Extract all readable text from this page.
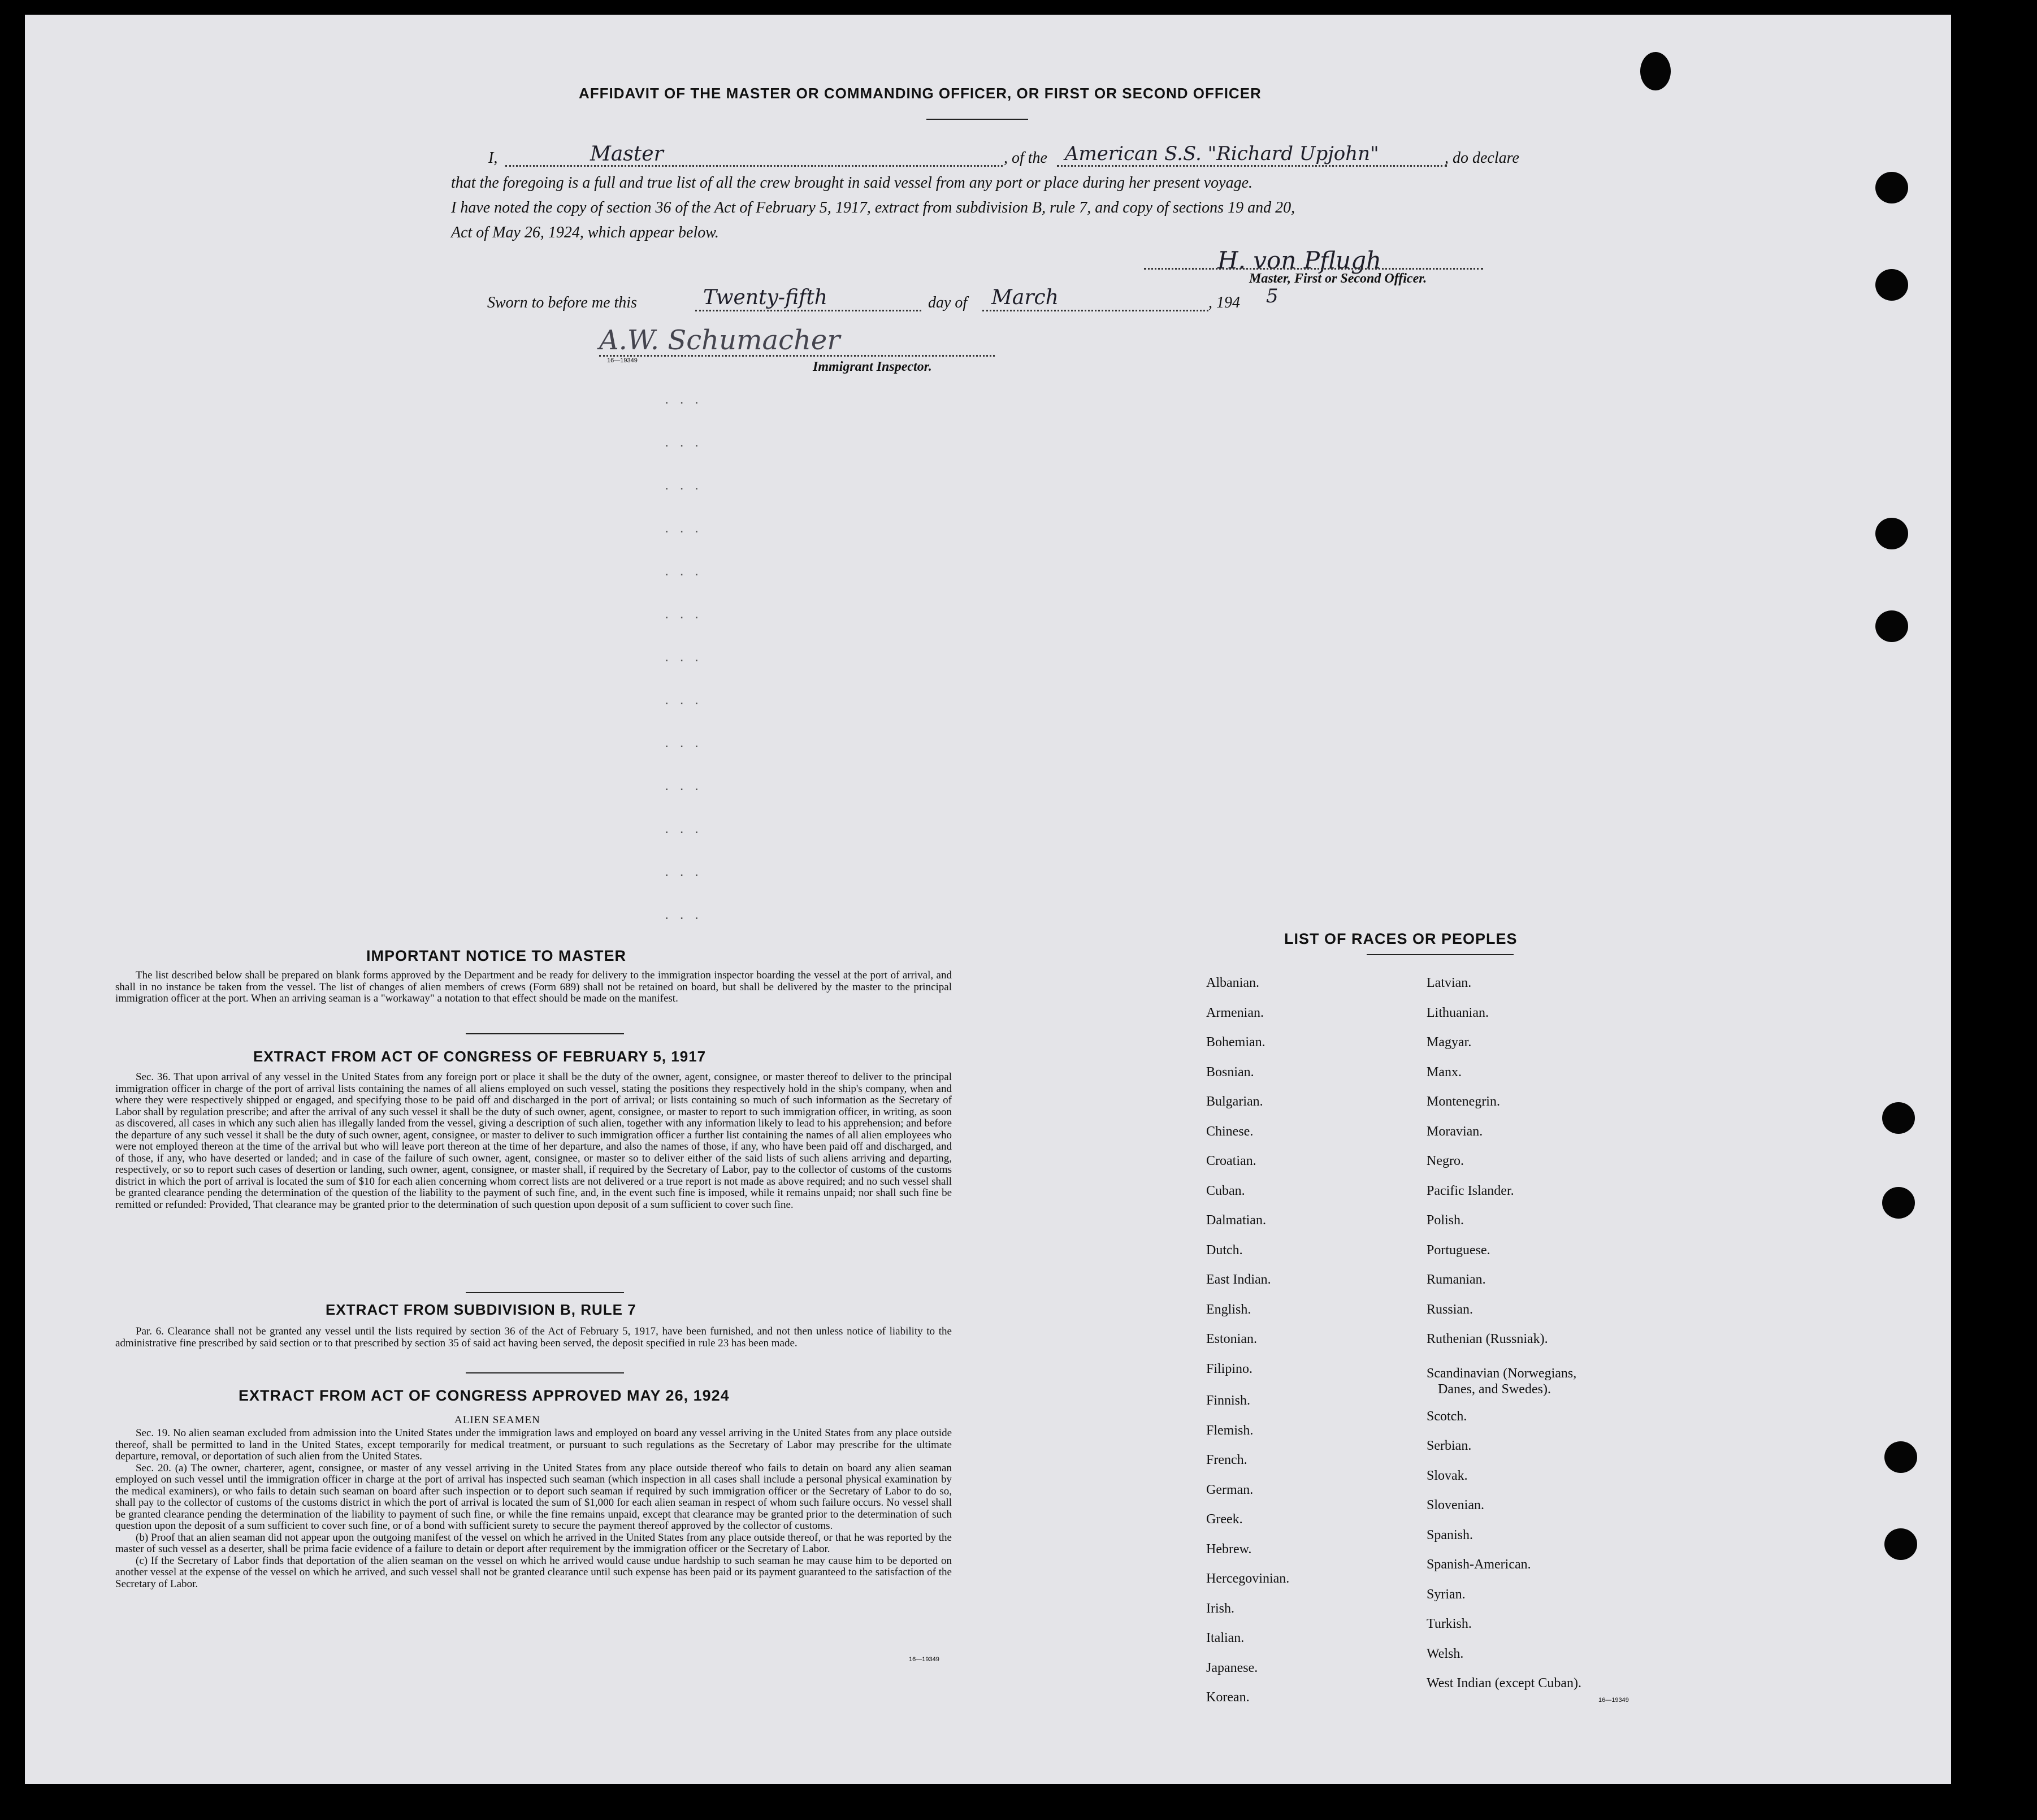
AFFIDAVIT OF THE MASTER OR COMMANDING OFFICER, OR FIRST OR SECOND OFFICER
I,	Master	, of the American S.S. "Richard Upjohn"	, do declare
that the foregoing is a full and true list of all the crew brought in said vessel from any port or place during her present voyage.
I have noted the copy of section 36 of the Act of February 5, 1917, extract from subdivision B, rule 7, and copy of sections 19 and 20,
Act of May 26, 1924, which appear below.
H. von Pflugh
Master, First or Second Officer.
Sworn to before me this	Twenty-fifth	day of March	, 194 5
A.W. Schumacher
16—19349	Immigrant Inspector.
. . .
. . .
. . .
. . .
. . .
. . .
. . .
. . .
. . .
. . .
. . .
. . .
. . .
IMPORTANT NOTICE TO MASTER

The list described below shall be prepared on blank forms approved by the Department and be ready for delivery to the immigration inspector boarding the vessel at the port of arrival, and shall in no instance be taken from the vessel. The list of changes of alien members of crews (Form 689) shall not be retained on board, but shall be delivered by the master to the principal immigration officer at the port. When an arriving seaman is a "workaway" a notation to that effect should be made on the manifest.

EXTRACT FROM ACT OF CONGRESS OF FEBRUARY 5, 1917

Sec. 36. That upon arrival of any vessel in the United States from any foreign port or place it shall be the duty of the owner, agent, consignee, or master thereof to deliver to the principal immigration officer in charge of the port of arrival lists containing the names of all aliens employed on such vessel, stating the positions they respectively hold in the ship's company, when and where they were respectively shipped or engaged, and specifying those to be paid off and discharged in the port of arrival; or lists containing so much of such information as the Secretary of Labor shall by regulation prescribe; and after the arrival of any such vessel it shall be the duty of such owner, agent, consignee, or master to report to such immigration officer, in writing, as soon as discovered, all cases in which any such alien has illegally landed from the vessel, giving a description of such alien, together with any information likely to lead to his apprehension; and before the departure of any such vessel it shall be the duty of such owner, agent, consignee, or master to deliver to such immigration officer a further list containing the names of all alien employees who were not employed thereon at the time of the arrival but who will leave port thereon at the time of her departure, and also the names of those, if any, who have been paid off and discharged, and of those, if any, who have deserted or landed; and in case of the failure of such owner, agent, consignee, or master so to deliver either of the said lists of such aliens arriving and departing, respectively, or so to report such cases of desertion or landing, such owner, agent, consignee, or master shall, if required by the Secretary of Labor, pay to the collector of customs of the customs district in which the port of arrival is located the sum of $10 for each alien concerning whom correct lists are not delivered or a true report is not made as above required; and no such vessel shall be granted clearance pending the determination of the question of the liability to the payment of such fine, and, in the event such fine is imposed, while it remains unpaid; nor shall such fine be remitted or refunded: Provided, That clearance may be granted prior to the determination of such question upon deposit of a sum sufficient to cover such fine.

EXTRACT FROM SUBDIVISION B, RULE 7

Par. 6. Clearance shall not be granted any vessel until the lists required by section 36 of the Act of February 5, 1917, have been furnished, and not then unless notice of liability to the administrative fine prescribed by said section or to that prescribed by section 35 of said act having been served, the deposit specified in rule 23 has been made.

EXTRACT FROM ACT OF CONGRESS APPROVED MAY 26, 1924
ALIEN SEAMEN

Sec. 19. No alien seaman excluded from admission into the United States under the immigration laws and employed on board any vessel arriving in the United States from any place outside thereof, shall be permitted to land in the United States, except temporarily for medical treatment, or pursuant to such regulations as the Secretary of Labor may prescribe for the ultimate departure, removal, or deportation of such alien from the United States.

Sec. 20. (a) The owner, charterer, agent, consignee, or master of any vessel arriving in the United States from any place outside thereof who fails to detain on board any alien seaman employed on such vessel until the immigration officer in charge at the port of arrival has inspected such seaman (which inspection in all cases shall include a personal physical examination by the medical examiners), or who fails to detain such seaman on board after such inspection or to deport such seaman if required by such immigration officer or the Secretary of Labor to do so, shall pay to the collector of customs of the customs district in which the port of arrival is located the sum of $1,000 for each alien seaman in respect of whom such failure occurs. No vessel shall be granted clearance pending the determination of the liability to payment of such fine, or while the fine remains unpaid, except that clearance may be granted prior to the determination of such question upon the deposit of a sum sufficient to cover such fine, or of a bond with sufficient surety to secure the payment thereof approved by the collector of customs.

(b) Proof that an alien seaman did not appear upon the outgoing manifest of the vessel on which he arrived in the United States from any place outside thereof, or that he was reported by the master of such vessel as a deserter, shall be prima facie evidence of a failure to detain or deport after requirement by the immigration officer or the Secretary of Labor.

(c) If the Secretary of Labor finds that deportation of the alien seaman on the vessel on which he arrived would cause undue hardship to such seaman he may cause him to be deported on another vessel at the expense of the vessel on which he arrived, and such vessel shall not be granted clearance until such expense has been paid or its payment guaranteed to the satisfaction of the Secretary of Labor.

16—19349
LIST OF RACES OR PEOPLES
Albanian.
Armenian.
Bohemian.
Bosnian.
Bulgarian.
Chinese.
Croatian.
Cuban.
Dalmatian.
Dutch.
East Indian.
English.
Estonian.
Filipino.
Finnish.
Flemish.
French.
German.
Greek.
Hebrew.
Hercegovinian.
Irish.
Italian.
Japanese.
Korean.
Latvian.
Lithuanian.
Magyar.
Manx.
Montenegrin.
Moravian.
Negro.
Pacific Islander.
Polish.
Portuguese.
Rumanian.
Russian.
Ruthenian (Russniak).
Scandinavian (Norwegians,
Danes, and Swedes).
Scotch.
Serbian.
Slovak.
Slovenian.
Spanish.
Spanish-American.
Syrian.
Turkish.
Welsh.
West Indian (except Cuban).
16—19349
